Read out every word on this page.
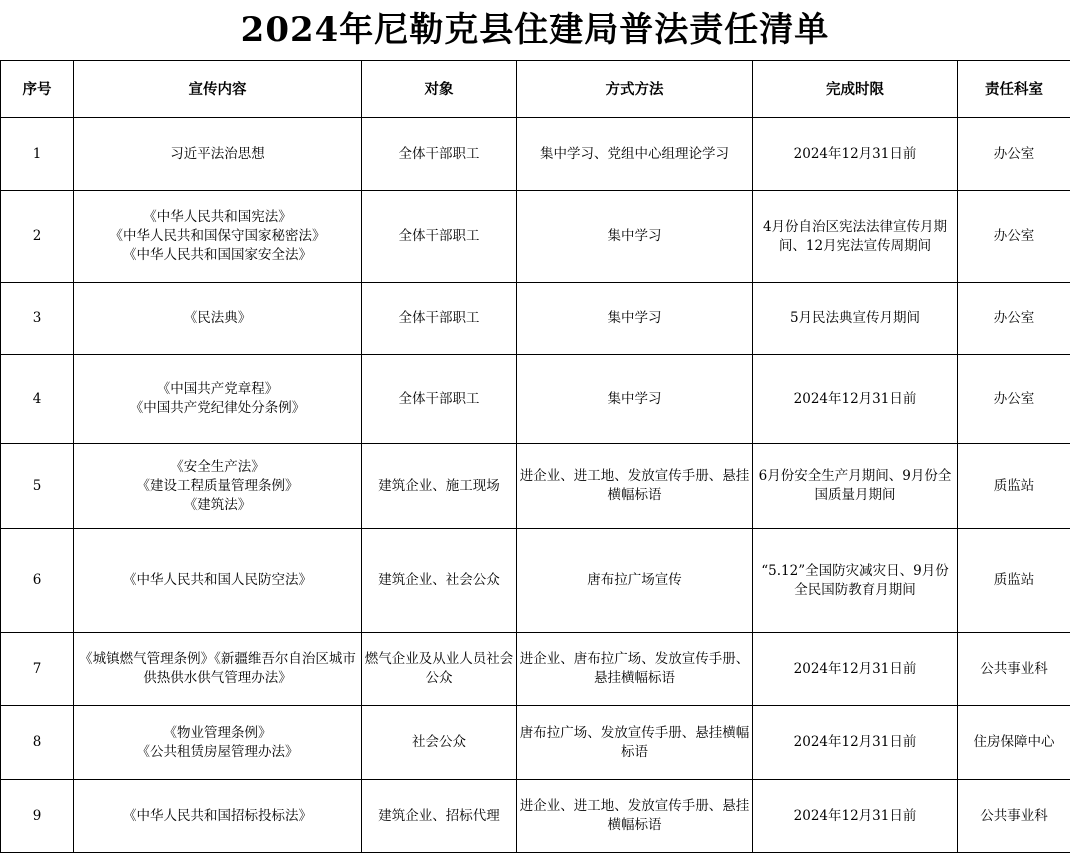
2024年尼勒克县住建局普法责任清单
序号	宣传内容	对象	方式方法	完成时限	责任科室
1	习近平法治思想	全体干部职工	集中学习、党组中心组理论学习	2024年12月31日前	办公室

2	《中华人民共和国宪法》
《中华人民共和国保守国家秘密法》
《中华人民共和国国家安全法》	全体干部职工	集中学习	4月份自治区宪法法律宣传月期间、12月宪法宣传周期间	办公室

3	《民法典》	全体干部职工	集中学习	5月民法典宣传月期间	办公室

4	《中国共产党章程》
《中国共产党纪律处分条例》	全体干部职工	集中学习	2024年12月31日前	办公室

5	《安全生产法》
《建设工程质量管理条例》
《建筑法》	建筑企业、施工现场	进企业、进工地、发放宣传手册、悬挂横幅标语	6月份安全生产月期间、9月份全国质量月期间	质监站

6	《中华人民共和国人民防空法》	建筑企业、社会公众	唐布拉广场宣传	“5.12”全国防灾减灾日、9月份全民国防教育月期间	质监站

7	《城镇燃气管理条例》《新疆维吾尔自治区城市供热供水供气管理办法》	燃气企业及从业人员社会公众	进企业、唐布拉广场、发放宣传手册、悬挂横幅标语	2024年12月31日前	公共事业科

8	《物业管理条例》
《公共租赁房屋管理办法》	社会公众	唐布拉广场、发放宣传手册、悬挂横幅标语	2024年12月31日前	住房保障中心

9	《中华人民共和国招标投标法》	建筑企业、招标代理	进企业、进工地、发放宣传手册、悬挂横幅标语	2024年12月31日前	公共事业科
